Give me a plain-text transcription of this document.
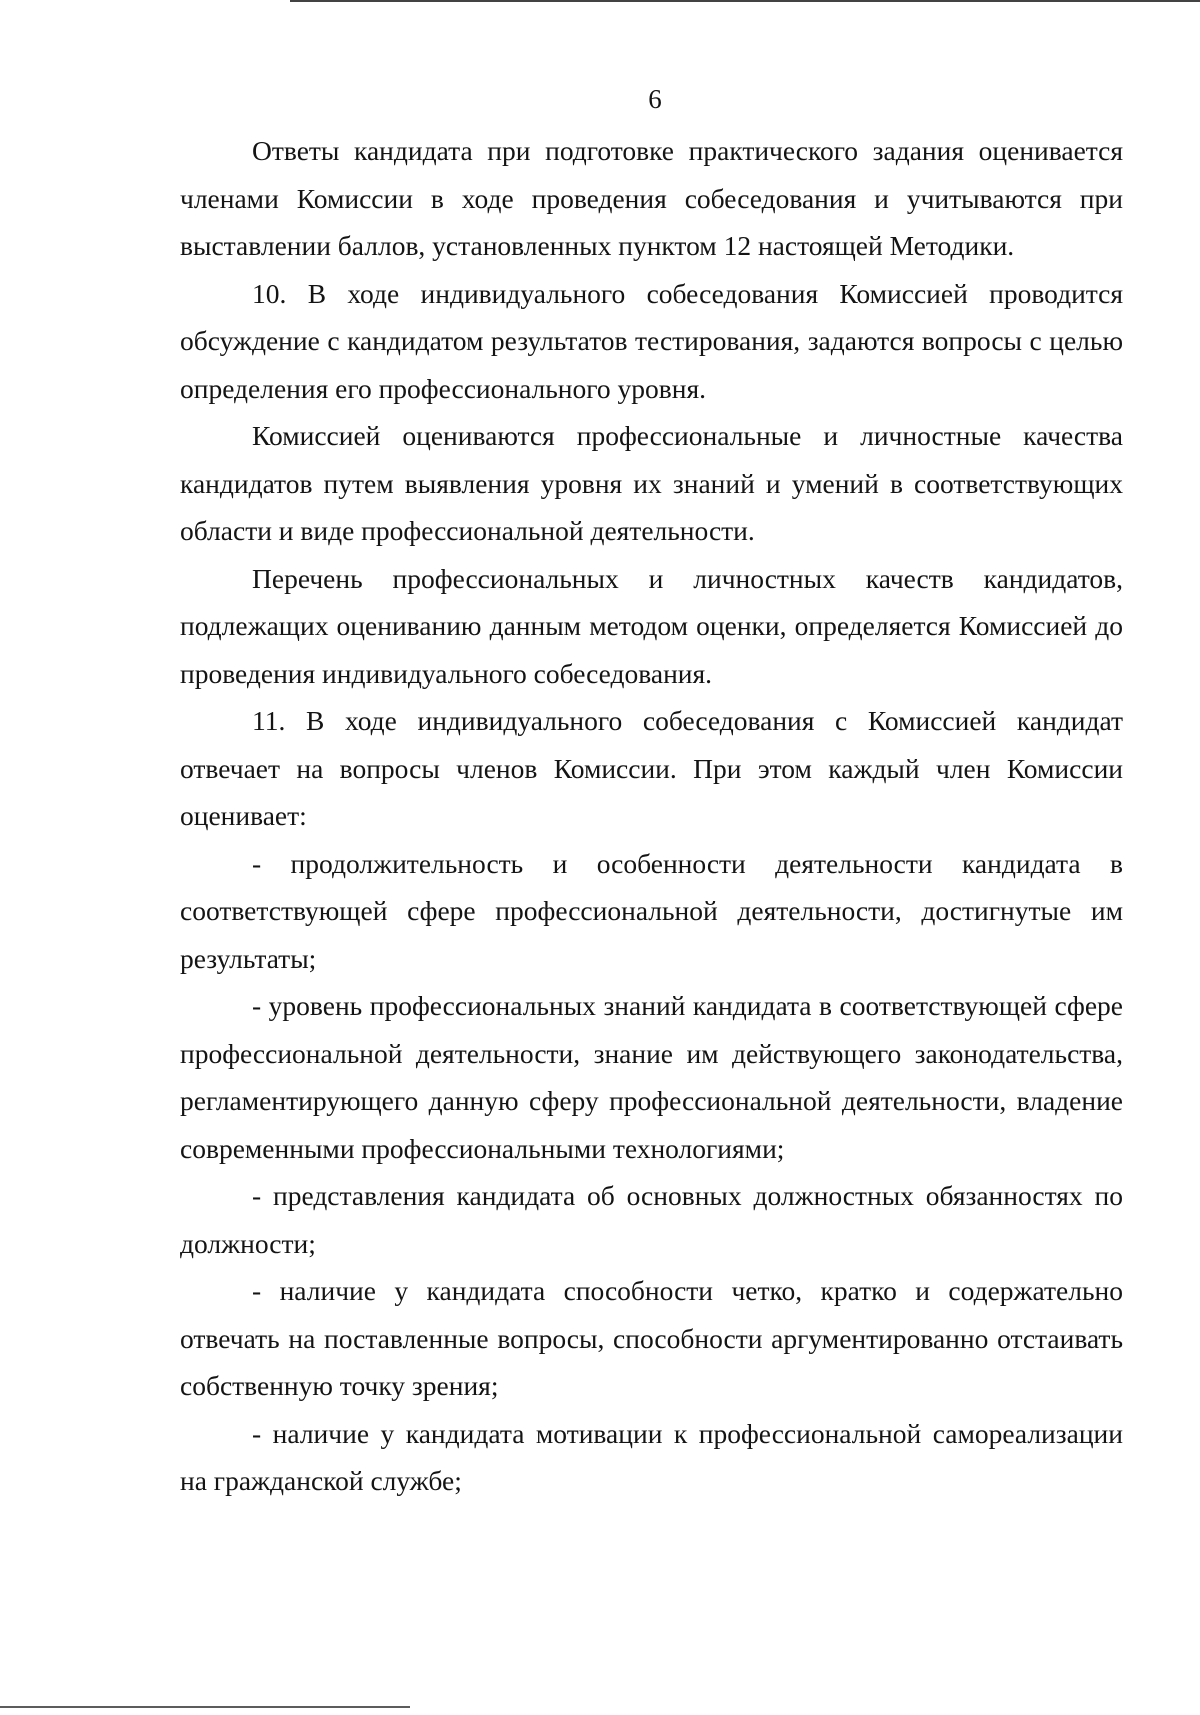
6

Ответы кандидата при подготовке практического задания оценивается членами Комиссии в ходе проведения собеседования и учитываются при выставлении баллов, установленных пунктом 12 настоящей Методики.

10. В ходе индивидуального собеседования Комиссией проводится обсуждение с кандидатом результатов тестирования, задаются вопросы с целью определения его профессионального уровня.

Комиссией оцениваются профессиональные и личностные качества кандидатов путем выявления уровня их знаний и умений в соответствующих области и виде профессиональной деятельности.

Перечень профессиональных и личностных качеств кандидатов, подлежащих оцениванию данным методом оценки, определяется Комиссией до проведения индивидуального собеседования.

11. В ходе индивидуального собеседования с Комиссией кандидат отвечает на вопросы членов Комиссии. При этом каждый член Комиссии оценивает:

- продолжительность и особенности деятельности кандидата в соответствующей сфере профессиональной деятельности, достигнутые им результаты;

- уровень профессиональных знаний кандидата в соответствующей сфере профессиональной деятельности, знание им действующего законодательства, регламентирующего данную сферу профессиональной деятельности, владение современными профессиональными технологиями;

- представления кандидата об основных должностных обязанностях по должности;

- наличие у кандидата способности четко, кратко и содержательно отвечать на поставленные вопросы, способности аргументированно отстаивать собственную точку зрения;

- наличие у кандидата мотивации к профессиональной самореализации на гражданской службе;
